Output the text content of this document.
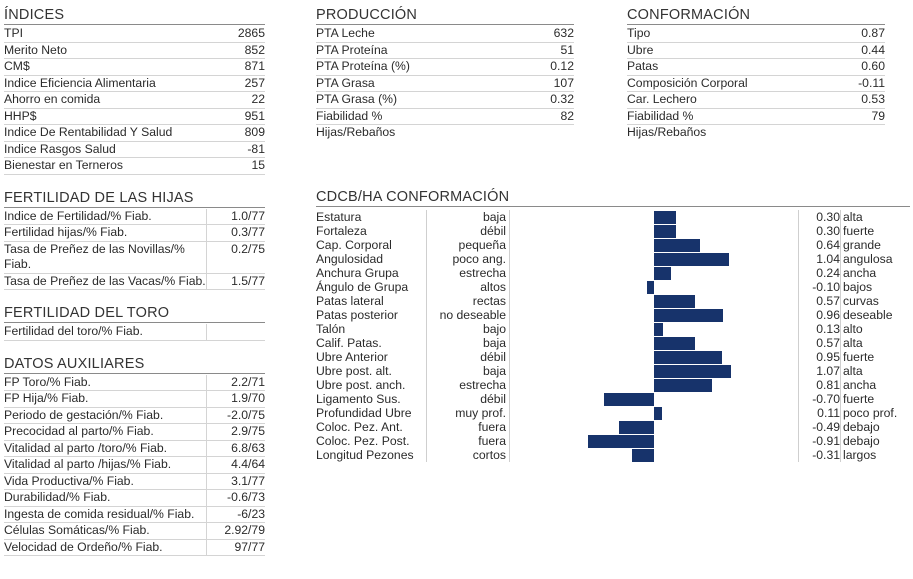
ÍNDICES
TPI	2865
Merito Neto	852
CM$	871
Indice Eficiencia Alimentaria	257
Ahorro en comida	22
HHP$	951
Indice De Rentabilidad Y Salud	809
Indice Rasgos Salud	-81
Bienestar en Terneros	15
FERTILIDAD DE LAS HIJAS
Indice de Fertilidad/% Fiab.	1.0/77
Fertilidad hijas/% Fiab.	0.3/77
Tasa de Preñez de las Novillas/% Fiab.
0.2/75
Tasa de Preñez de las Vacas/% Fiab.	1.5/77
FERTILIDAD DEL TORO
Fertilidad del toro/% Fiab.
DATOS AUXILIARES
FP Toro/% Fiab.	2.2/71
FP Hija/% Fiab.	1.9/70
Periodo de gestación/% Fiab.	-2.0/75
Precocidad al parto/% Fiab.	2.9/75
Vitalidad al parto /toro/% Fiab.	6.8/63
Vitalidad al parto /hijas/% Fiab.	4.4/64
Vida Productiva/% Fiab.	3.1/77
Durabilidad/% Fiab.	-0.6/73
Ingesta de comida residual/% Fiab.	-6/23
Células Somáticas/% Fiab.	2.92/79
Velocidad de Ordeño/% Fiab.	97/77
PRODUCCIÓN
PTA Leche	632
PTA Proteína	51
PTA Proteína (%)	0.12
PTA Grasa	107
PTA Grasa (%)	0.32
Fiabilidad %	82
Hijas/Rebaños
CONFORMACIÓN
Tipo	0.87
Ubre	0.44
Patas	0.60
Composición Corporal	-0.11
Car. Lechero	0.53
Fiabilidad %	79
Hijas/Rebaños
CDCB/HA CONFORMACIÓN
Estatura	baja	0.30 alta
Fortaleza	débil	0.30 fuerte
Cap. Corporal	pequeña	0.64 grande
Angulosidad	poco ang.	1.04 angulosa
Anchura Grupa	estrecha	0.24 ancha
Ángulo de Grupa	altos	-0.10 bajos
Patas lateral	rectas	0.57 curvas
Patas posterior	no deseable	0.96 deseable
Talón	bajo	0.13 alto
Calif. Patas.	baja	0.57 alta
Ubre Anterior	débil	0.95 fuerte
Ubre post. alt.	baja	1.07 alta
Ubre post. anch.	estrecha	0.81 ancha
Ligamento Sus.	débil	-0.70 fuerte
Profundidad Ubre	muy prof.	0.11 poco prof.
Coloc. Pez. Ant.	fuera	-0.49 debajo
Coloc. Pez. Post.	fuera	-0.91 debajo
Longitud Pezones	cortos	-0.31 largos
